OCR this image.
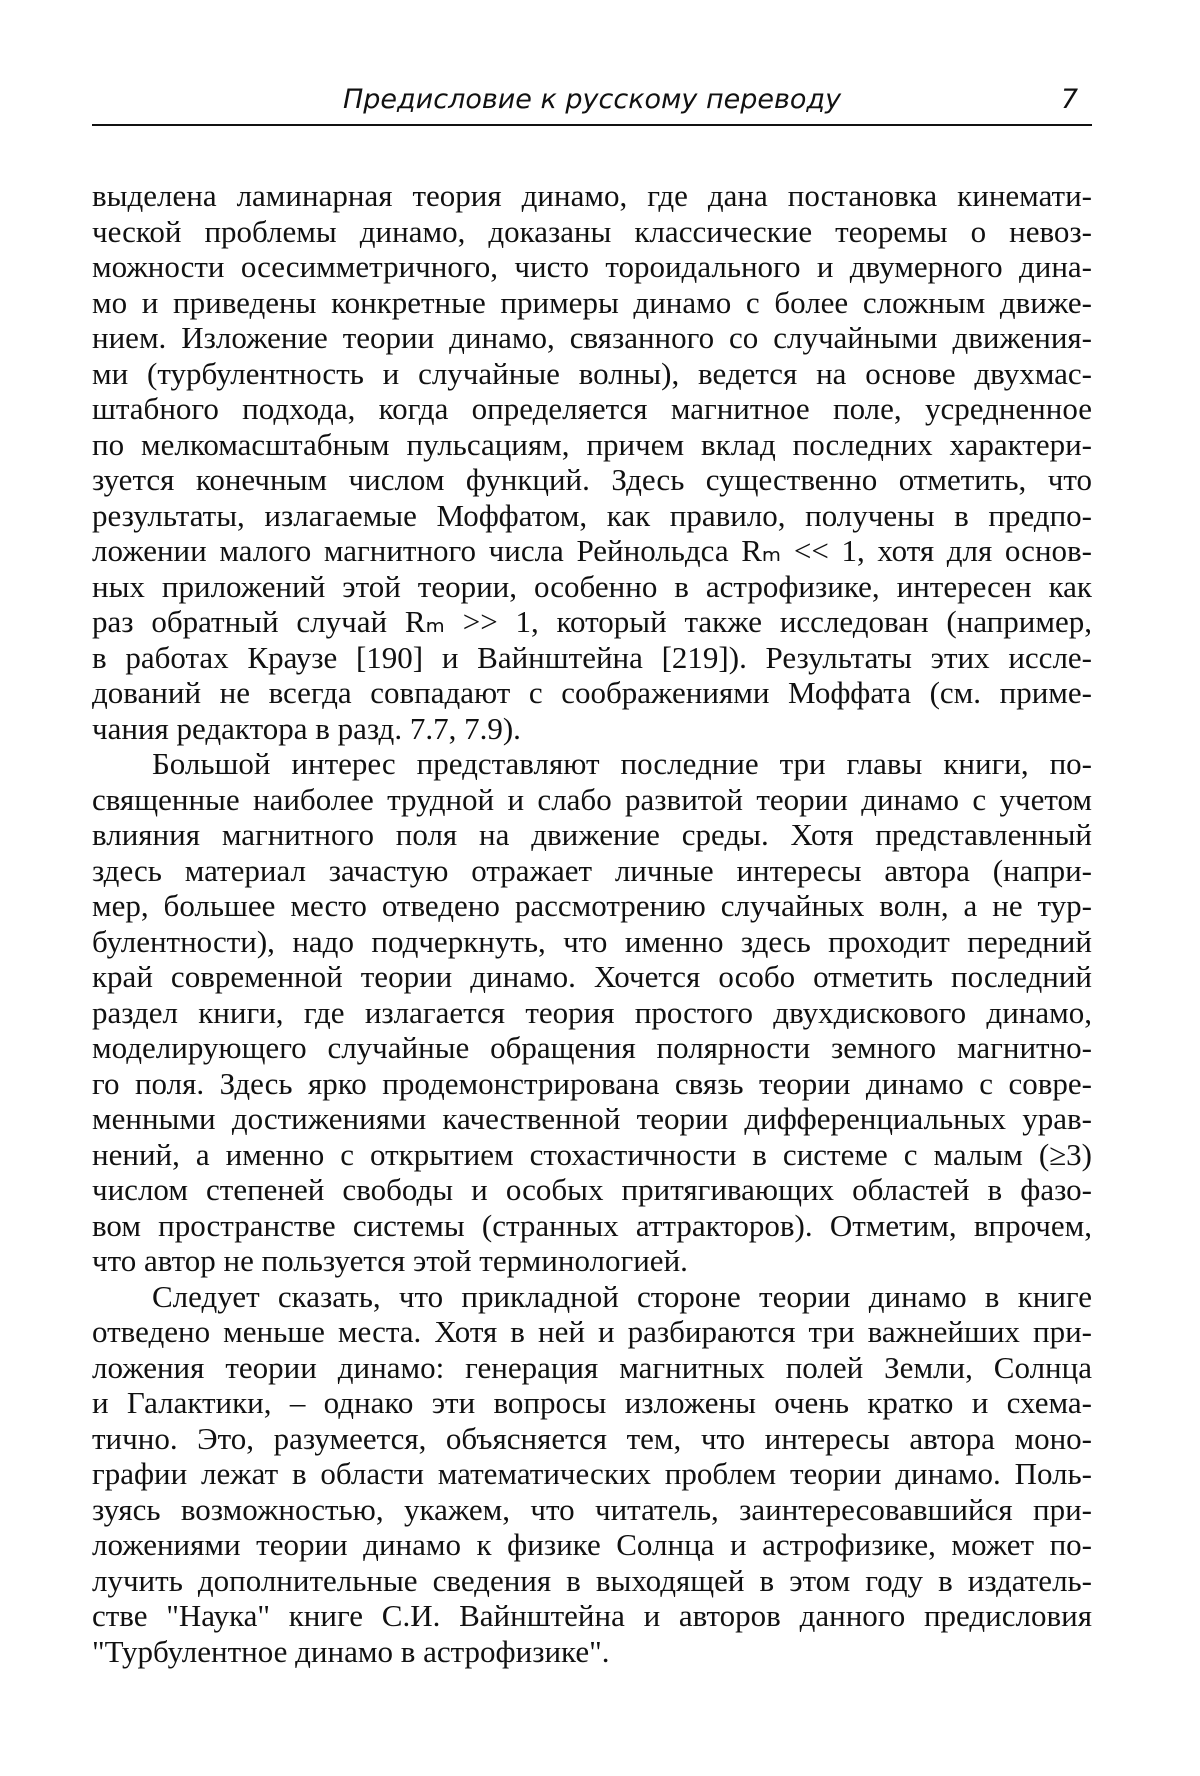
Предисловие к русскому переводу	7
выделена ламинарная теория динамо, где дана постановка кинемати-
ческой проблемы динамо, доказаны классические теоремы о невоз-
можности осесимметричного, чисто тороидального и двумерного дина-
мо и приведены конкретные примеры динамо с более сложным движе-
нием. Изложение теории динамо, связанного со случайными движения-
ми (турбулентность и случайные волны), ведется на основе двухмас-
штабного подхода, когда определяется магнитное поле, усредненное
по мелкомасштабным пульсациям, причем вклад последних характери-
зуется конечным числом функций. Здесь существенно отметить, что
результаты, излагаемые Моффатом, как правило, получены в предпо-
ложении малого магнитного числа Рейнольдса Rₘ << 1, хотя для основ-
ных приложений этой теории, особенно в астрофизике, интересен как
раз обратный случай Rₘ >> 1, который также исследован (например,
в работах Краузе [190] и Вайнштейна [219]). Результаты этих иссле-
дований не всегда совпадают с соображениями Моффата (см. приме-
чания редактора в разд. 7.7, 7.9).
Большой интерес представляют последние три главы книги, по-
священные наиболее трудной и слабо развитой теории динамо с учетом
влияния магнитного поля на движение среды. Хотя представленный
здесь материал зачастую отражает личные интересы автора (напри-
мер, большее место отведено рассмотрению случайных волн, а не тур-
булентности), надо подчеркнуть, что именно здесь проходит передний
край современной теории динамо. Хочется особо отметить последний
раздел книги, где излагается теория простого двухдискового динамо,
моделирующего случайные обращения полярности земного магнитно-
го поля. Здесь ярко продемонстрирована связь теории динамо с совре-
менными достижениями качественной теории дифференциальных урав-
нений, а именно с открытием стохастичности в системе с малым (≥3)
числом степеней свободы и особых притягивающих областей в фазо-
вом пространстве системы (странных аттракторов). Отметим, впрочем,
что автор не пользуется этой терминологией.
Следует сказать, что прикладной стороне теории динамо в книге
отведено меньше места. Хотя в ней и разбираются три важнейших при-
ложения теории динамо: генерация магнитных полей Земли, Солнца
и Галактики, – однако эти вопросы изложены очень кратко и схема-
тично. Это, разумеется, объясняется тем, что интересы автора моно-
графии лежат в области математических проблем теории динамо. Поль-
зуясь возможностью, укажем, что читатель, заинтересовавшийся при-
ложениями теории динамо к физике Солнца и астрофизике, может по-
лучить дополнительные сведения в выходящей в этом году в издатель-
стве "Наука" книге С.И. Вайнштейна и авторов данного предисловия
"Турбулентное динамо в астрофизике".
